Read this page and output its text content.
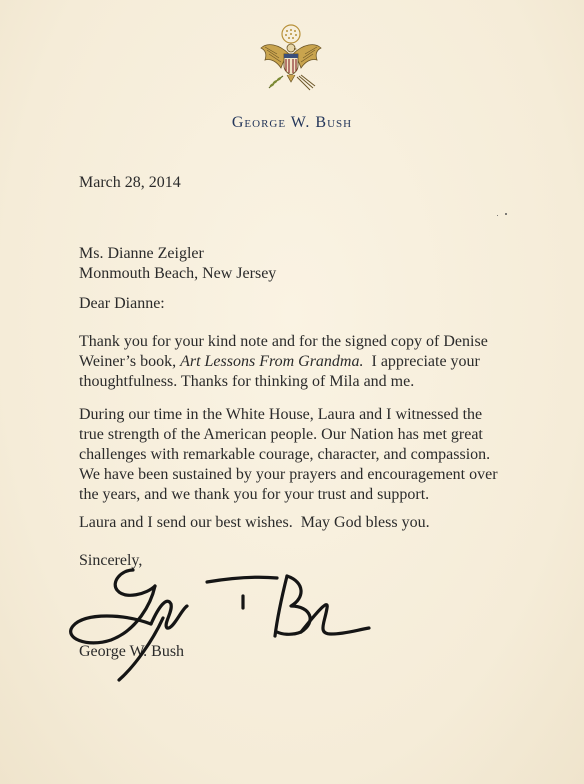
George W. Bush
March 28, 2014
Ms. Dianne Zeigler
Monmouth Beach, New Jersey
Dear Dianne:
Thank you for your kind note and for the signed copy of Denise
Weiner’s book, Art Lessons From Grandma.  I appreciate your
thoughtfulness. Thanks for thinking of Mila and me.
During our time in the White House, Laura and I witnessed the
true strength of the American people. Our Nation has met great
challenges with remarkable courage, character, and compassion.
We have been sustained by your prayers and encouragement over
the years, and we thank you for your trust and support.
Laura and I send our best wishes.  May God bless you.
Sincerely,
George W. Bush
